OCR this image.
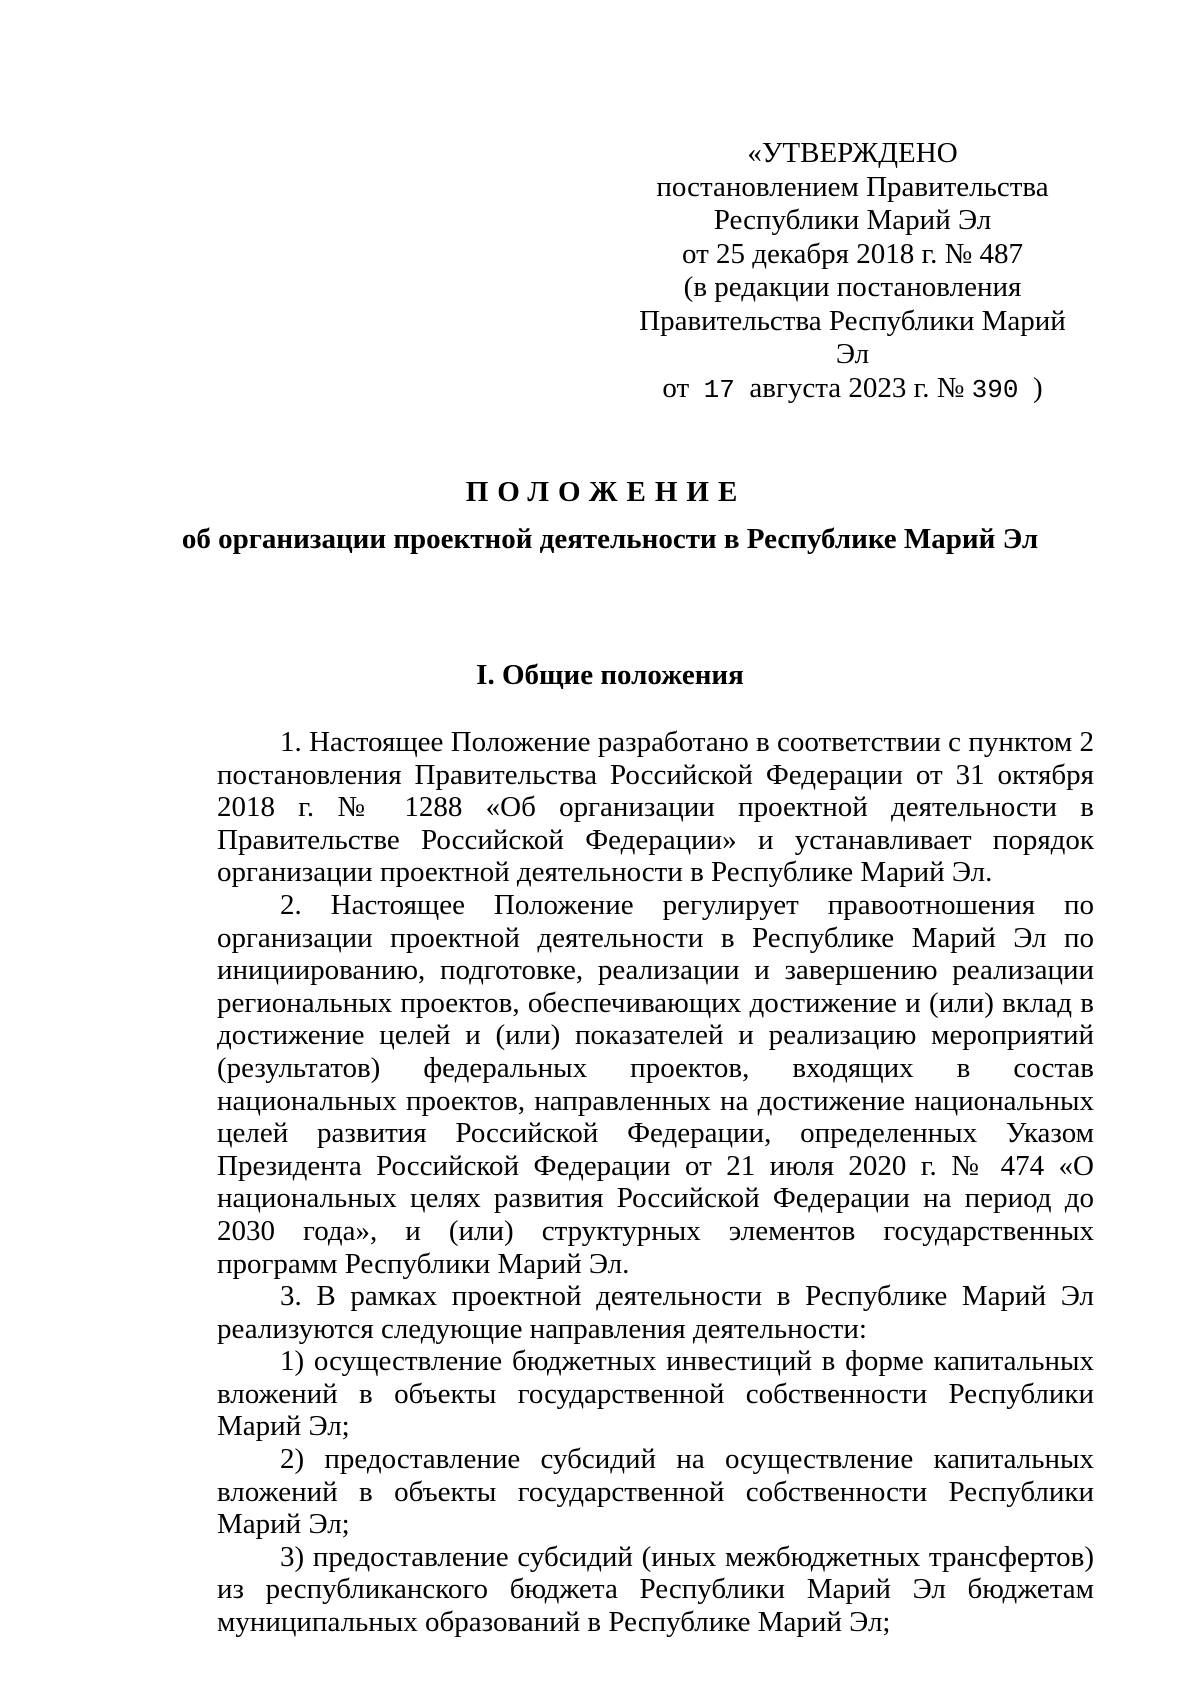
«УТВЕРЖДЕНО
постановлением Правительства
Республики Марий Эл
от 25 декабря 2018 г. № 487
(в редакции постановления
Правительства Республики Марий Эл
от 17 августа 2023 г. № 390 )
ПОЛОЖЕНИЕ
об организации проектной деятельности в Республике Марий Эл
I. Общие положения

1. Настоящее Положение разработано в соответствии с пунктом 2 постановления Правительства Российской Федерации от 31 октября 2018 г. № 1288 «Об организации проектной деятельности в Правительстве Российской Федерации» и устанавливает порядок организации проектной деятельности в Республике Марий Эл.

2. Настоящее Положение регулирует правоотношения по организации проектной деятельности в Республике Марий Эл по инициированию, подготовке, реализации и завершению реализации региональных проектов, обеспечивающих достижение и (или) вклад в достижение целей и (или) показателей и реализацию мероприятий (результатов) федеральных проектов, входящих в состав национальных проектов, направленных на достижение национальных целей развития Российской Федерации, определенных Указом Президента Российской Федерации от 21 июля 2020 г. № 474 «О национальных целях развития Российской Федерации на период до 2030 года», и (или) структурных элементов государственных программ Республики Марий Эл.

3. В рамках проектной деятельности в Республике Марий Эл реализуются следующие направления деятельности:

1) осуществление бюджетных инвестиций в форме капитальных вложений в объекты государственной собственности Республики Марий Эл;

2) предоставление субсидий на осуществление капитальных вложений в объекты государственной собственности Республики Марий Эл;

3) предоставление субсидий (иных межбюджетных трансфертов) из республиканского бюджета Республики Марий Эл бюджетам муниципальных образований в Республике Марий Эл;
